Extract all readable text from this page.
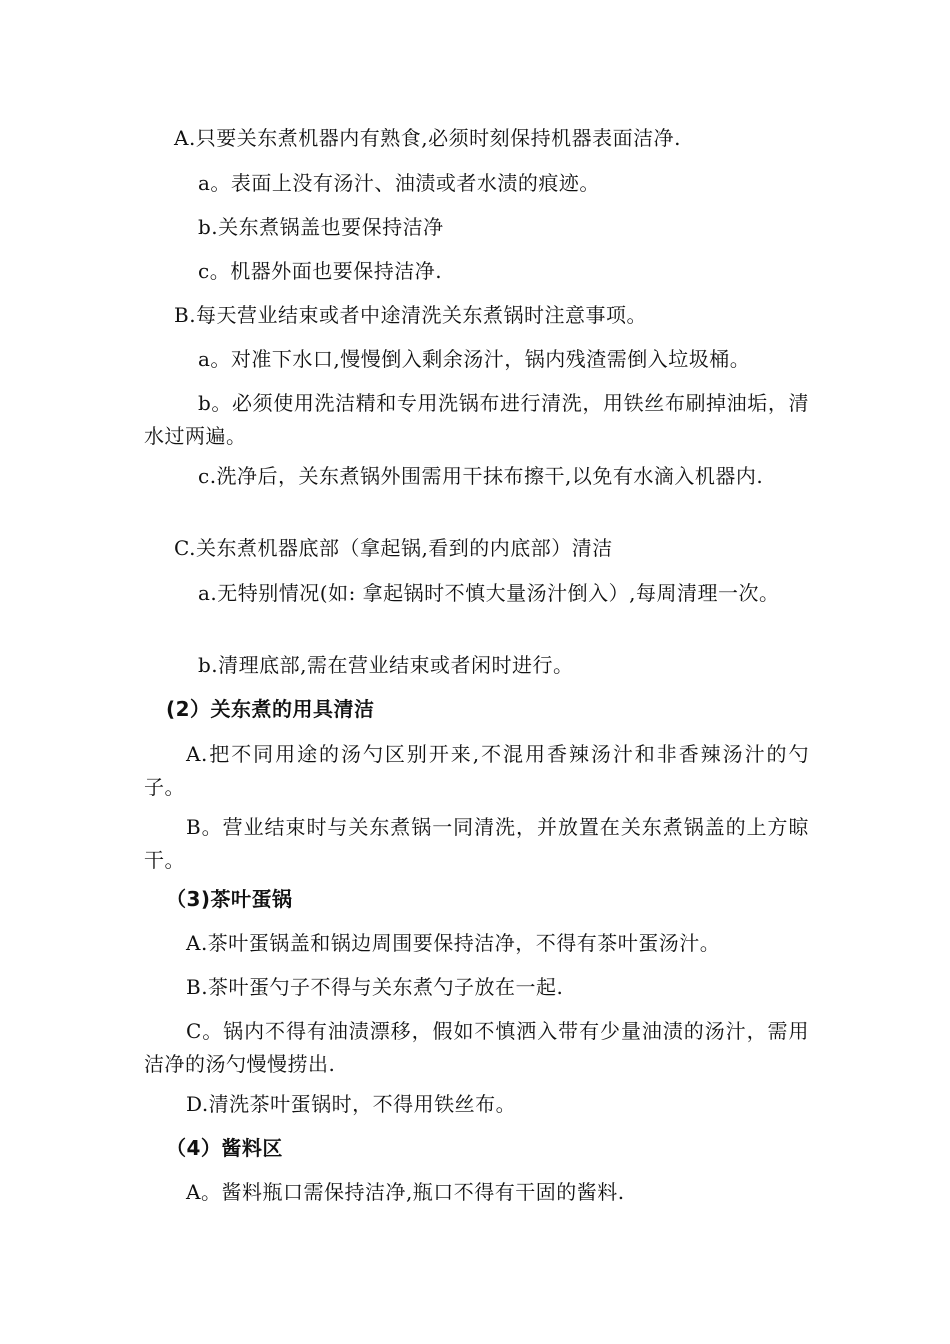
A.只要关东煮机器内有熟食,必须时刻保持机器表面洁净.
a。表面上没有汤汁、油渍或者水渍的痕迹。
b.关东煮锅盖也要保持洁净
c。机器外面也要保持洁净.
B.每天营业结束或者中途清洗关东煮锅时注意事项。
a。对准下水口,慢慢倒入剩余汤汁，锅内残渣需倒入垃圾桶。
b。必须使用洗洁精和专用洗锅布进行清洗，用铁丝布刷掉油垢，清水过两遍。
c.洗净后，关东煮锅外围需用干抹布擦干,以免有水滴入机器内.
C.关东煮机器底部（拿起锅,看到的内底部）清洁
a.无特别情况(如: 拿起锅时不慎大量汤汁倒入）,每周清理一次。
b.清理底部,需在营业结束或者闲时进行。
(2）关东煮的用具清洁
A.把不同用途的汤勺区别开来,不混用香辣汤汁和非香辣汤汁的勺子。
B。营业结束时与关东煮锅一同清洗，并放置在关东煮锅盖的上方晾干。
（3)茶叶蛋锅
A.茶叶蛋锅盖和锅边周围要保持洁净，不得有茶叶蛋汤汁。
B.茶叶蛋勺子不得与关东煮勺子放在一起.
C。锅内不得有油渍漂移，假如不慎洒入带有少量油渍的汤汁，需用洁净的汤勺慢慢捞出.
D.清洗茶叶蛋锅时，不得用铁丝布。
（4）酱料区
A。酱料瓶口需保持洁净,瓶口不得有干固的酱料.
